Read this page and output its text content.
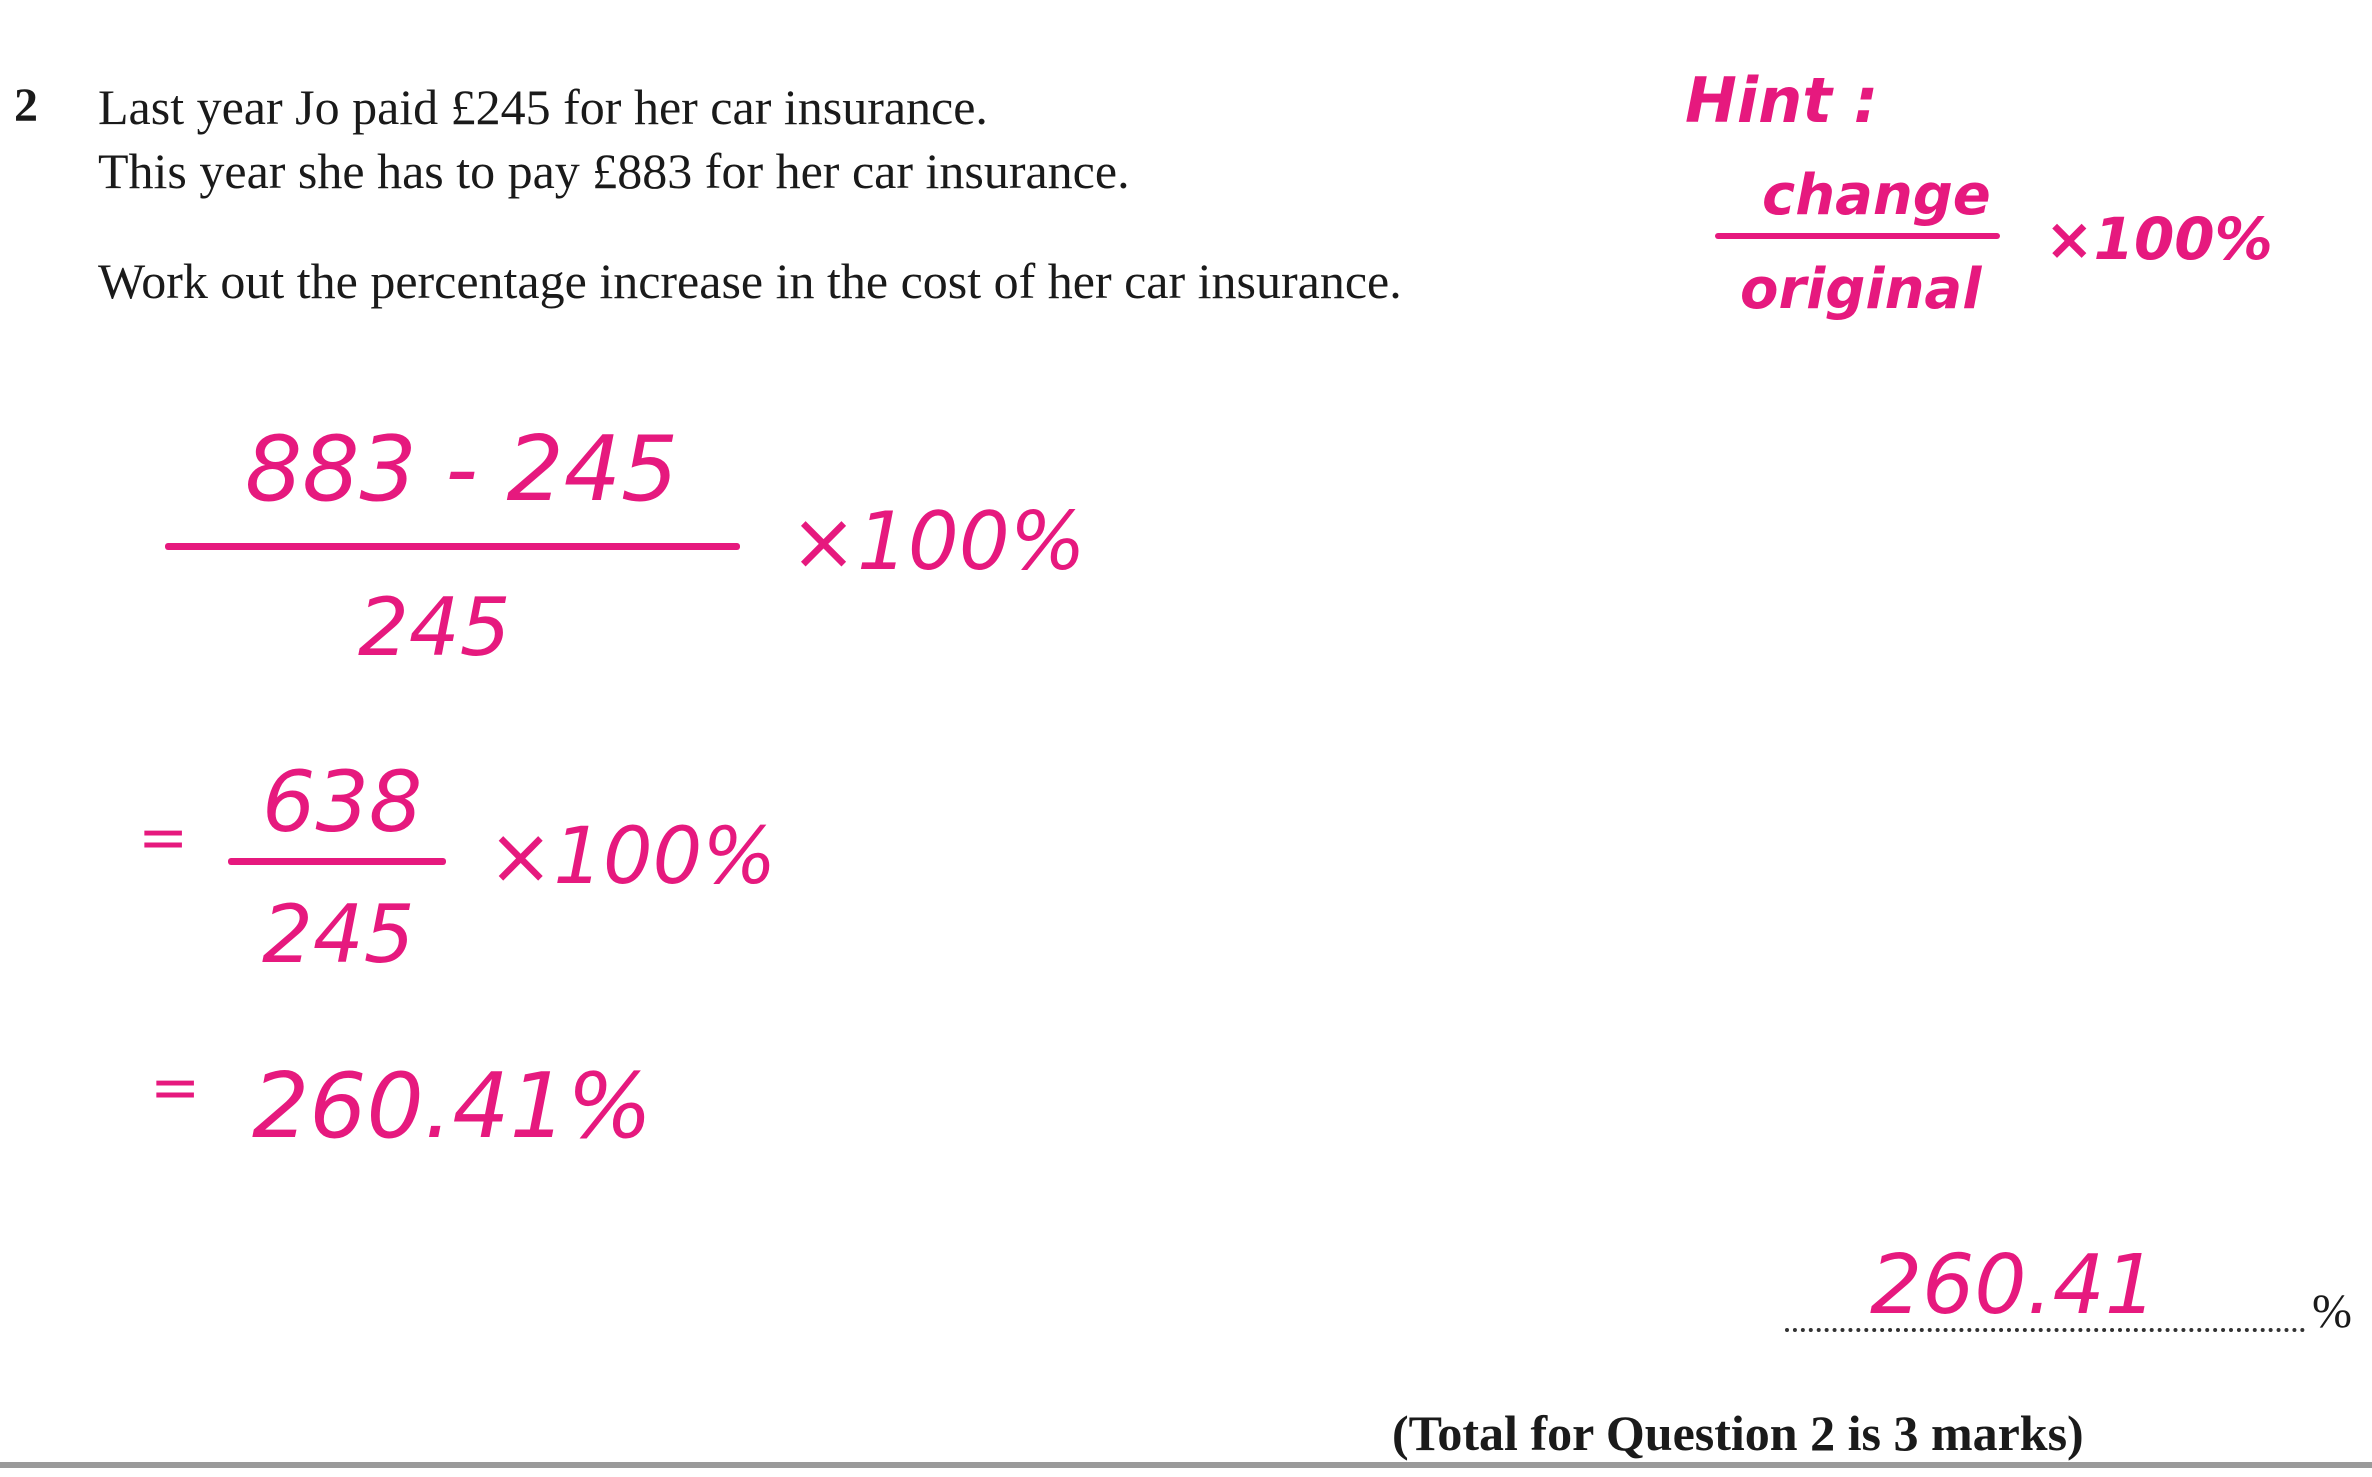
2 Last year Jo paid £245 for her car insurance.
This year she has to pay £883 for her car insurance.
Work out the percentage increase in the cost of her car insurance.
Hint :
change
original
×100%
883 - 245
245
×100%
= 638
245
×100%
= 260.41%
260.41	%
(Total for Question 2 is 3 marks)
